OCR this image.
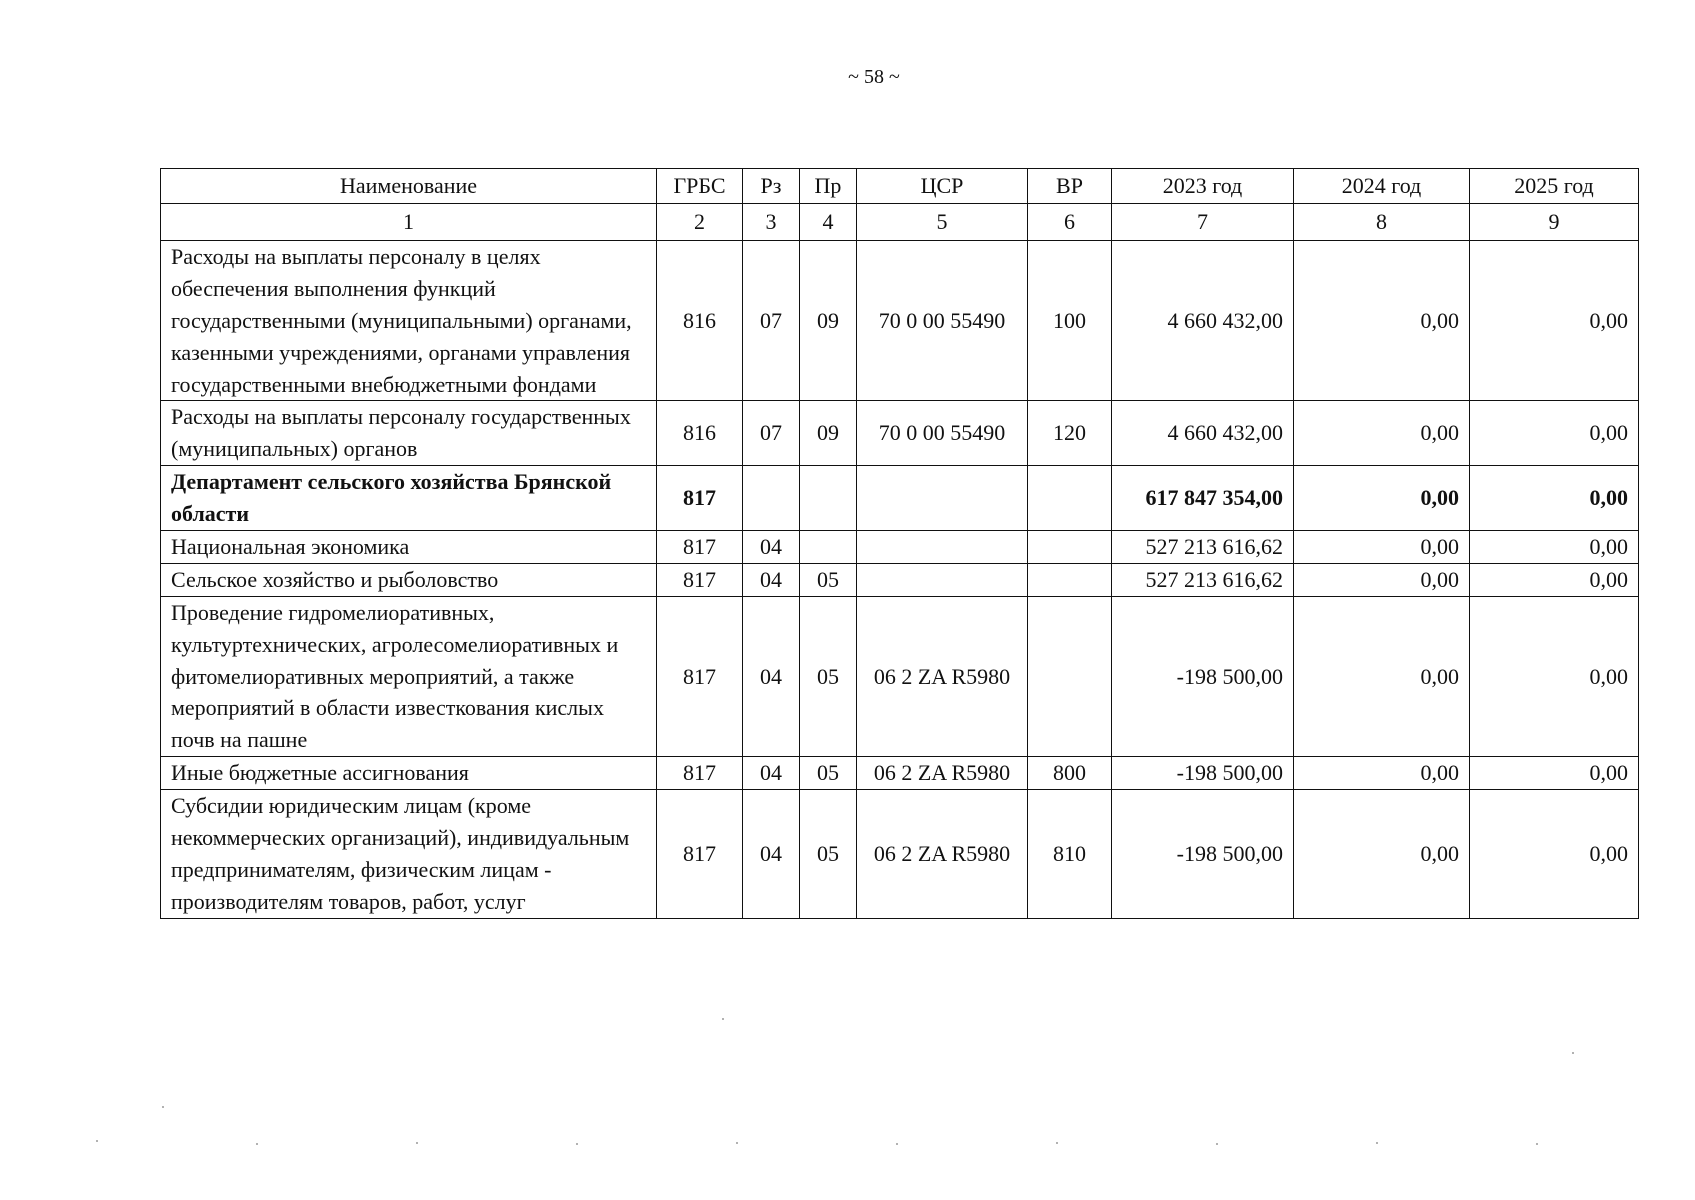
~ 58 ~
Наименование	ГРБС	Рз	Пр	ЦСР	ВР	2023 год	2024 год	2025 год
1	2	3	4	5	6	7	8	9
Расходы на выплаты персоналу в целях обеспечения выполнения функций государственными (муниципальными) органами, казенными учреждениями, органами управления государственными внебюджетными фондами	816	07	09	70 0 00 55490	100	4 660 432,00	0,00	0,00
Расходы на выплаты персоналу государственных (муниципальных) органов	816	07	09	70 0 00 55490	120	4 660 432,00	0,00	0,00
Департамент сельского хозяйства Брянской области	817					617 847 354,00	0,00	0,00
Национальная экономика	817	04				527 213 616,62	0,00	0,00
Сельское хозяйство и рыболовство	817	04	05			527 213 616,62	0,00	0,00
Проведение гидромелиоративных, культуртехнических, агролесомелиоративных и фитомелиоративных мероприятий, а также мероприятий в области известкования кислых почв на пашне	817	04	05	06 2 ZA R5980		-198 500,00	0,00	0,00
Иные бюджетные ассигнования	817	04	05	06 2 ZA R5980	800	-198 500,00	0,00	0,00
Субсидии юридическим лицам (кроме некоммерческих организаций), индивидуальным предпринимателям, физическим лицам - производителям товаров, работ, услуг	817	04	05	06 2 ZA R5980	810	-198 500,00	0,00	0,00
